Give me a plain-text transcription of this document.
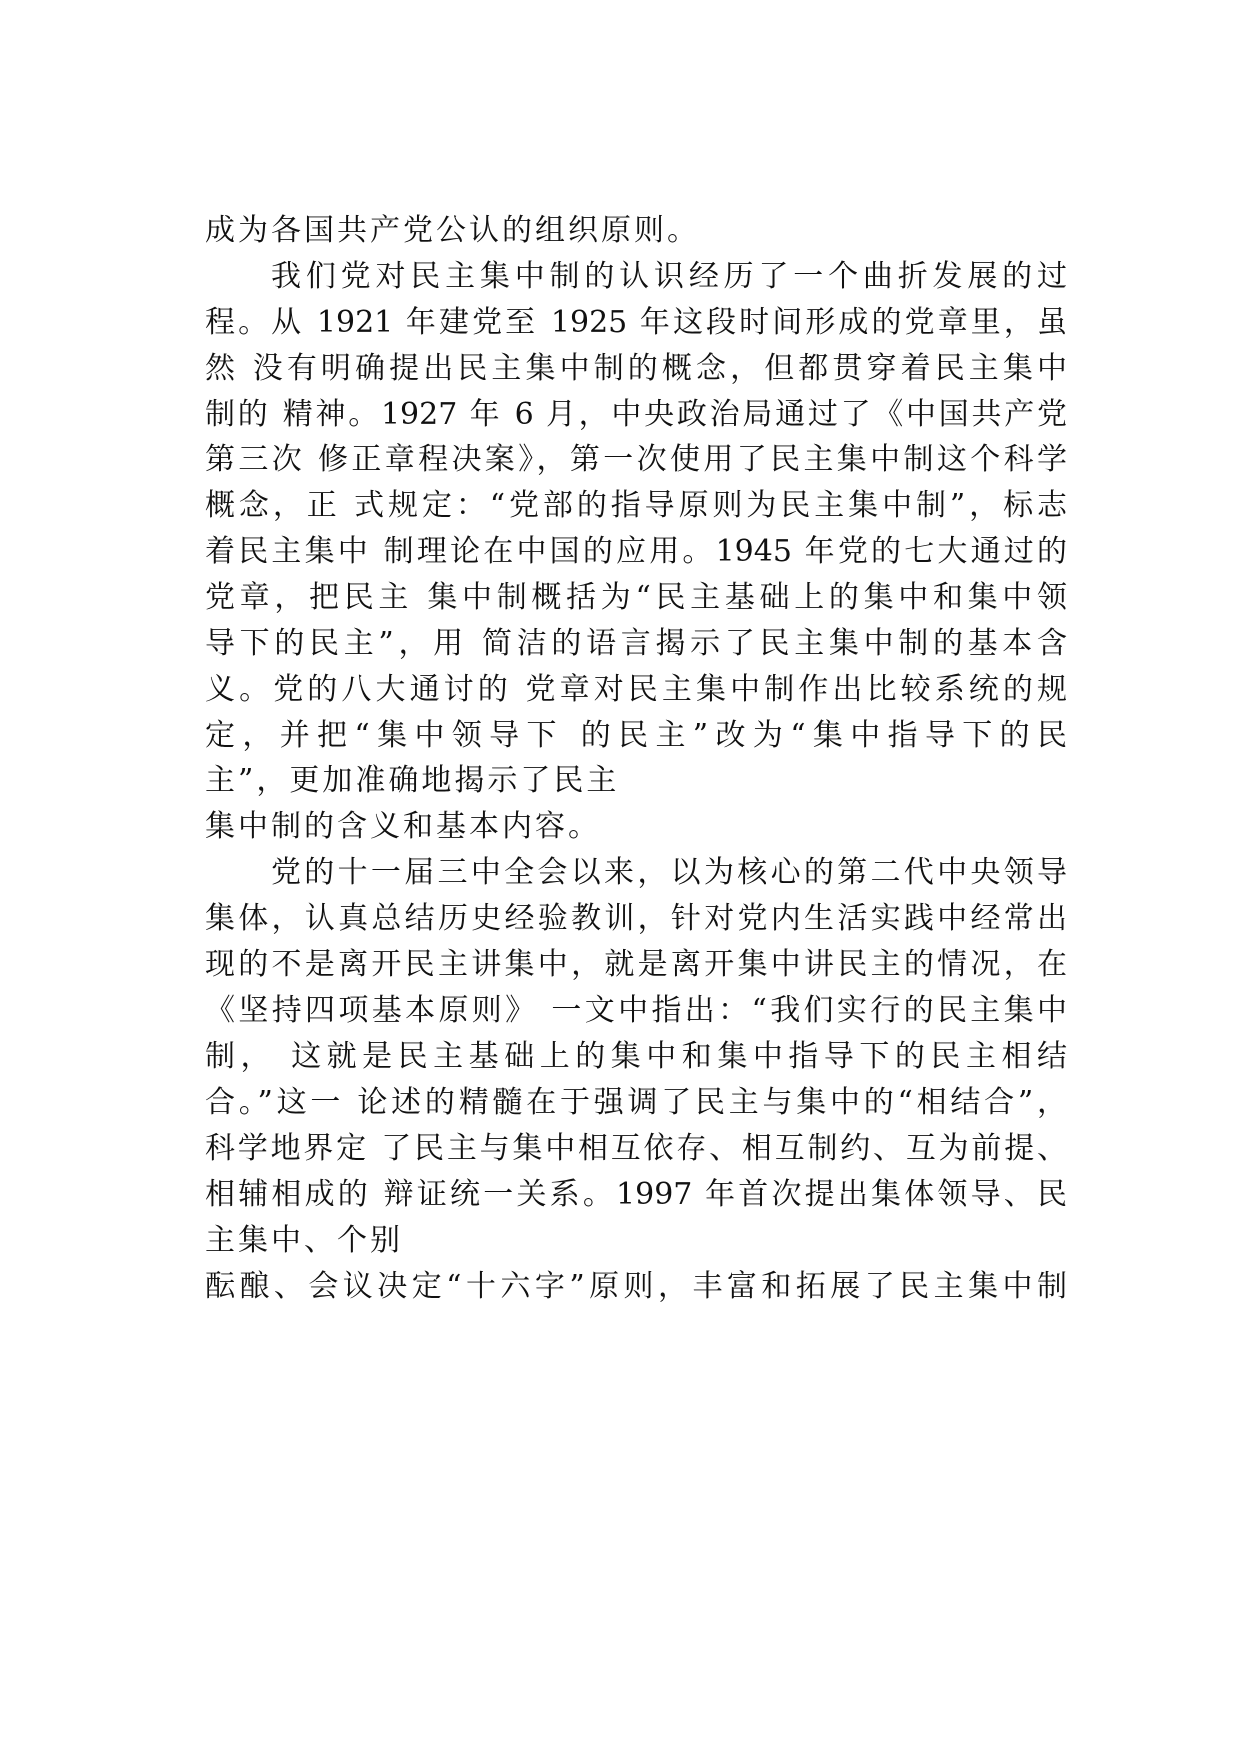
成为各国共产党公认的组织原则。
我们党对民主集中制的认识经历了一个曲折发展的过
程。从 1921 年建党至 1925 年这段时间形成的党章里，虽
然 没有明确提出民主集中制的概念，但都贯穿着民主集中
制的 精神。1927 年 6 月，中央政治局通过了《中国共产党
第三次 修正章程决案》，第一次使用了民主集中制这个科学
概念，正 式规定：“党部的指导原则为民主集中制”，标志
着民主集中 制理论在中国的应用。1945 年党的七大通过的
党章，把民主 集中制概括为“民主基础上的集中和集中领
导下的民主”，用 简洁的语言揭示了民主集中制的基本含
义。党的八大通讨的 党章对民主集中制作出比较系统的规
定，并把“集中领导下 的民主”改为“集中指导下的民
主”，更加准确地揭示了民主
集中制的含义和基本内容。
党的十一届三中全会以来，以为核心的第二代中央领导
集体，认真总结历史经验教训，针对党内生活实践中经常出
现的不是离开民主讲集中，就是离开集中讲民主的情况，在
《坚持四项基本原则》 一文中指出：“我们实行的民主集中
制， 这就是民主基础上的集中和集中指导下的民主相结
合。”这一 论述的精髓在于强调了民主与集中的“相结合”，
科学地界定 了民主与集中相互依存、相互制约、互为前提、
相辅相成的 辩证统一关系。1997 年首次提出集体领导、民
主集中、个别
酝酿、会议决定“十六字”原则，丰富和拓展了民主集中制
